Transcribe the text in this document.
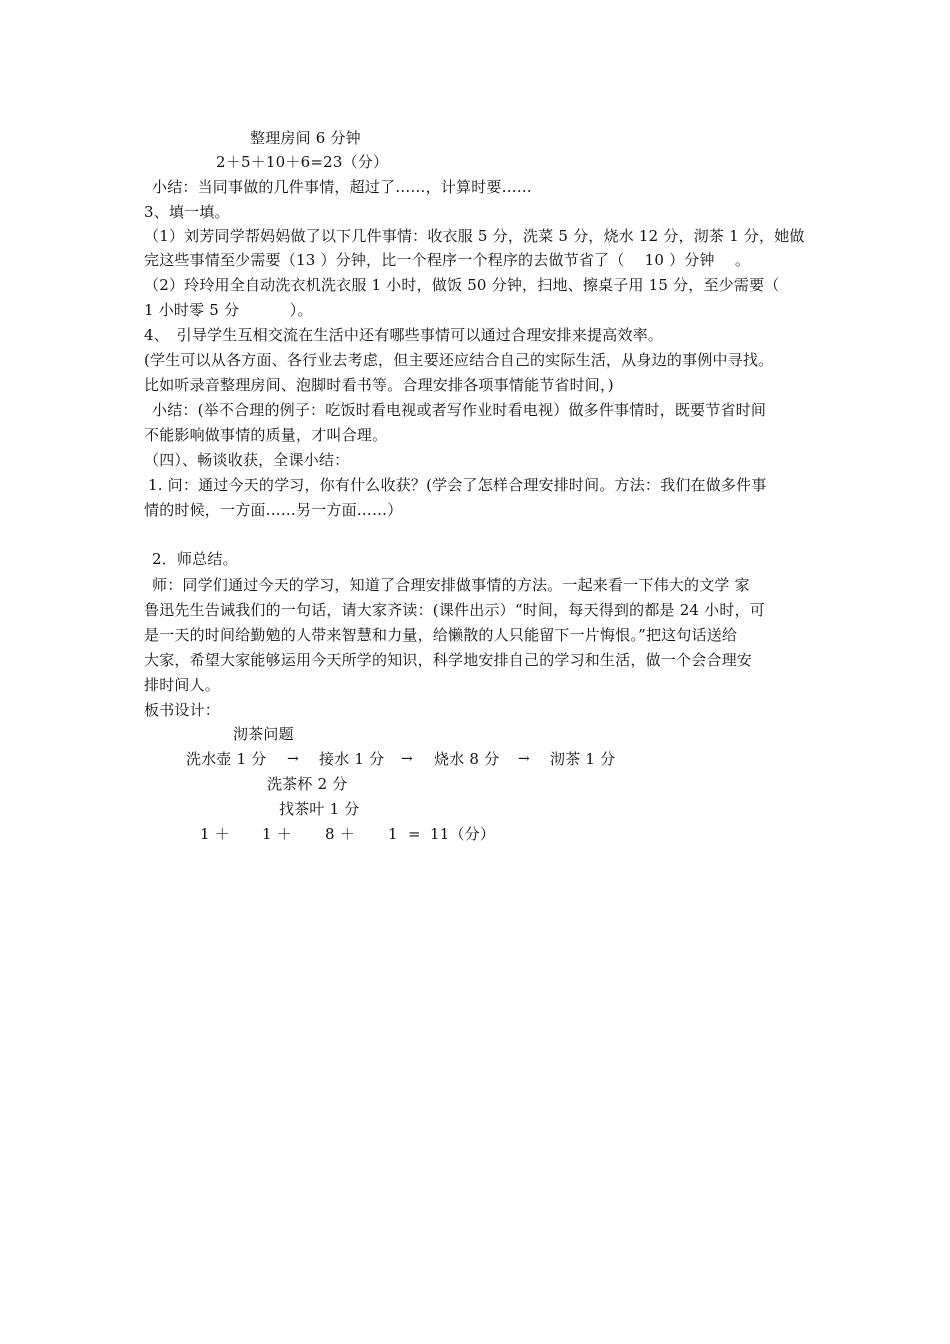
整理房间 6 分钟
2＋5＋10＋6=23（分）
小结：当同事做的几件事情，超过了……，计算时要……
3、填一填。
（1）刘芳同学帮妈妈做了以下几件事情：收衣服 5 分，洗菜 5 分，烧水 12 分，沏茶 1 分，她做
完这些事情至少需要（13 ）分钟，比一个程序一个程序的去做节省了（　 10 ）分钟　 。
（2）玲玲用全自动洗衣机洗衣服 1 小时，做饭 50 分钟，扫地、擦桌子用 15 分，至少需要（
1 小时零 5 分　　　 ）。
4、　引导学生互相交流在生活中还有哪些事情可以通过合理安排来提高效率。
(学生可以从各方面、各行业去考虑，但主要还应结合自己的实际生活，从身边的事例中寻找。
比如听录音整理房间、泡脚时看书等。合理安排各项事情能节省时间，)
小结：(举不合理的例子：吃饭时看电视或者写作业时看电视）做多件事情时，既要节省时间
不能影响做事情的质量，才叫合理。
（四）、畅谈收获，全课小结：
1. 问：通过今天的学习，你有什么收获？(学会了怎样合理安排时间。方法：我们在做多件事
情的时候，一方面……另一方面……）
2．师总结。
师：同学们通过今天的学习，知道了合理安排做事情的方法。一起来看一下伟大的文学 家
鲁迅先生告诫我们的一句话，请大家齐读：(课件出示）“时间，每天得到的都是 24 小时，可
是一天的时间给勤勉的人带来智慧和力量，给懒散的人只能留下一片悔恨。”把这句话送给
大家，希望大家能够运用今天所学的知识，科学地安排自己的学习和生活，做一个会合理安
排时间人。
板书设计：
沏茶问题
洗水壶 1 分 → 接水 1 分 → 烧水 8 分 → 沏茶 1 分
洗茶杯 2 分
找茶叶 1 分
1 ＋ 1 ＋ 8 ＋ 1 = 11（分）
